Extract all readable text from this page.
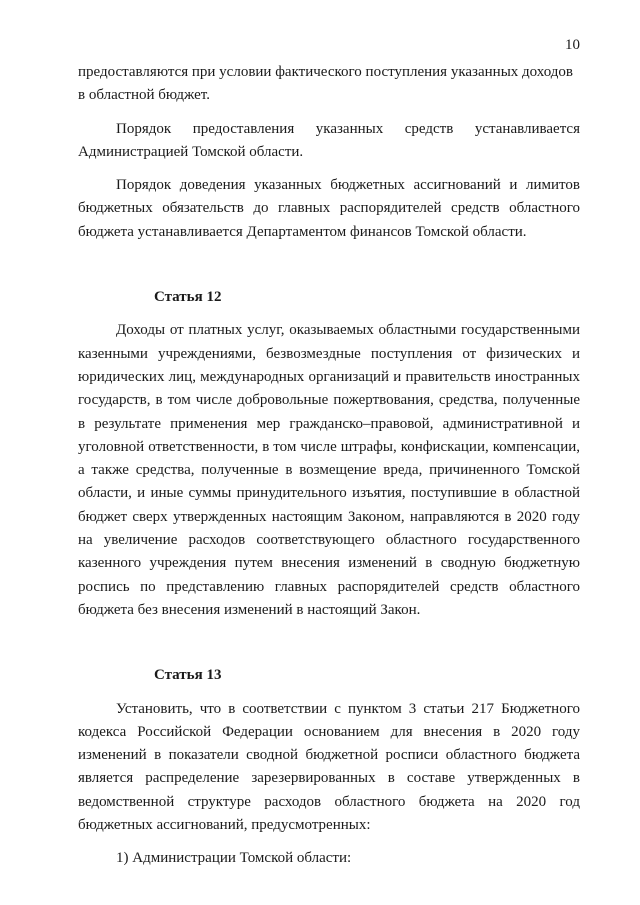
10

предоставляются при условии фактического поступления указанных доходов в областной бюджет.

Порядок предоставления указанных средств устанавливается Администрацией Томской области.

Порядок доведения указанных бюджетных ассигнований и лимитов бюджетных обязательств до главных распорядителей средств областного бюджета устанавливается Департаментом финансов Томской области.

Статья 12

Доходы от платных услуг, оказываемых областными государственными казенными учреждениями, безвозмездные поступления от физических и юридических лиц, международных организаций и правительств иностранных государств, в том числе добровольные пожертвования, средства, полученные в результате применения мер гражданско–правовой, административной и уголовной ответственности, в том числе штрафы, конфискации, компенсации, а также средства, полученные в возмещение вреда, причиненного Томской области, и иные суммы принудительного изъятия, поступившие в областной бюджет сверх утвержденных настоящим Законом, направляются в 2020 году на увеличение расходов соответствующего областного государственного казенного учреждения путем внесения изменений в сводную бюджетную роспись по представлению главных распорядителей средств областного бюджета без внесения изменений в настоящий Закон.

Статья 13

Установить, что в соответствии с пунктом 3 статьи 217 Бюджетного кодекса Российской Федерации основанием для внесения в 2020 году изменений в показатели сводной бюджетной росписи областного бюджета является распределение зарезервированных в составе утвержденных в ведомственной структуре расходов областного бюджета на 2020 год бюджетных ассигнований, предусмотренных:

1) Администрации Томской области:
